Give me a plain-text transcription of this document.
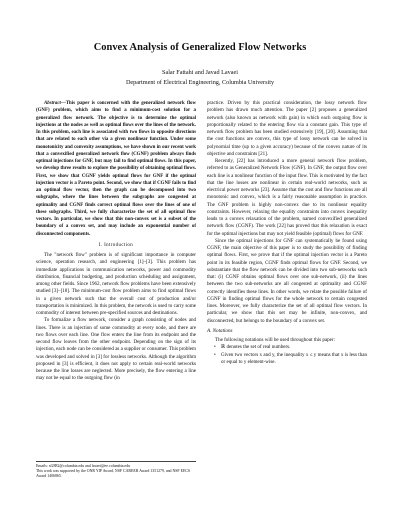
Convex Analysis of Generalized Flow Networks
Salar Fattahi and Javad Lavaei
Department of Electrical Engineering, Columbia University

Abstract—This paper is concerned with the generalized network flow (GNF) problem, which aims to find a minimum-cost solution for a generalized flow network. The objective is to determine the optimal injections at the nodes as well as optimal flows over the lines of the network. In this problem, each line is associated with two flows in opposite directions that are related to each other via a given nonlinear function. Under some monotonicity and convexity assumptions, we have shown in our recent work that a convexified generalized network flow (CGNF) problem always finds optimal injections for GNF, but may fail to find optimal flows. In this paper, we develop three results to explore the possibility of obtaining optimal flows. First, we show that CGNF yields optimal flows for GNF if the optimal injection vector is a Pareto point. Second, we show that if CGNF fails to find an optimal flow vector, then the graph can be decomposed into two subgraphs, where the lines between the subgraphs are congested at optimality and CGNF finds correct optimal flows over the lines of one of these subgraphs. Third, we fully characterize the set of all optimal flow vectors. In particular, we show that this non-convex set is a subset of the boundary of a convex set, and may include an exponential number of disconnected components.

I. Introduction

The "network flow" problem is of significant importance in computer science, operation research, and engineering [1]–[3]. This problem has immediate applications in communication networks, power and commodity distribution, financial budgeting, and production scheduling and assignment, among other fields. Since 1962, network flow problems have been extensively studied [3]–[18]. The minimum-cost flow problem aims to find optimal flows in a given network such that the overall cost of production and/or transportation is minimized. In this problem, the network is used to carry some commodity of interest between pre-specified sources and destinations.

To formalize a flow network, consider a graph consisting of nodes and lines. There is an injection of some commodity at every node, and there are two flows over each line. One flow enters the line from its endpoint and the second flow leaves from the other endpoint. Depending on the sign of its injection, each node can be considered as a supplier or consumer. This problem was developed and solved in [3] for lossless networks. Although the algorithm proposed in [3] is efficient, it does not apply to certain real-world networks because the line losses are neglected. More precisely, the flow entering a line may not be equal to the outgoing flow (in

practice. Driven by this practical consideration, the lossy network flow problem has drawn much attention. The paper [2] proposes a generalized network (also known as network with gain) in which each outgoing flow is proportionally related to the entering flow via a constant gain. This type of network flow problem has been studied extensively [19], [20]. Assuming that the cost functions are convex, this type of lossy network can be solved in polynomial time (up to a given accuracy) because of the convex nature of its objective and constraints [21].

Recently, [22] has introduced a more general network flow problem, referred to as Generalized Network Flow (GNF). In GNF, the output flow over each line is a nonlinear function of the input flow. This is motivated by the fact that the line losses are nonlinear in certain real-world networks, such as electrical power networks [23]. Assume that the cost and flow functions are all monotonic and convex, which is a fairly reasonable assumption in practice. The GNF problem is highly non-convex due to its nonlinear equality constraints. However, relaxing the equality constraints into convex inequality leads to a convex relaxation of the problem, named convexified generalized network flow (CGNF). The work [22] has proved that this relaxation is exact for the optimal injections but may not yield feasible (optimal) flows for GNF.

Since the optimal injections for GNF can systematically be found using CGNF, the main objective of this paper is to study the possibility of finding optimal flows. First, we prove that if the optimal injection vector is a Pareto point in its feasible region, CGNF finds optimal flows for GNF. Second, we substantiate that the flow network can be divided into two sub-networks such that: (i) CGNF obtains optimal flows over one sub-network, (ii) the lines between the two sub-networks are all congested at optimality and CGNF correctly identifies these lines. In other words, we relate the possible failure of CGNF in finding optimal flows for the whole network to certain congested lines. Moreover, we fully characterize the set of all optimal flow vectors. In particular, we show that this set may be infinite, non-convex, and disconnected, but belongs to the boundary of a convex set.

A. Notations

The following notations will be used throughout this paper:

• ℝ denotes the set of real numbers.
• Given two vectors x and y, the inequality x ≤ y means that x is less than or equal to y element-wise.

Emails: sf2882@columbia.edu and lavaei@ee.columbia.edu

This work was supported by the ONR YIP Award, NSF CAREER Award 1351279, and NSF EECS Award 1406865.
